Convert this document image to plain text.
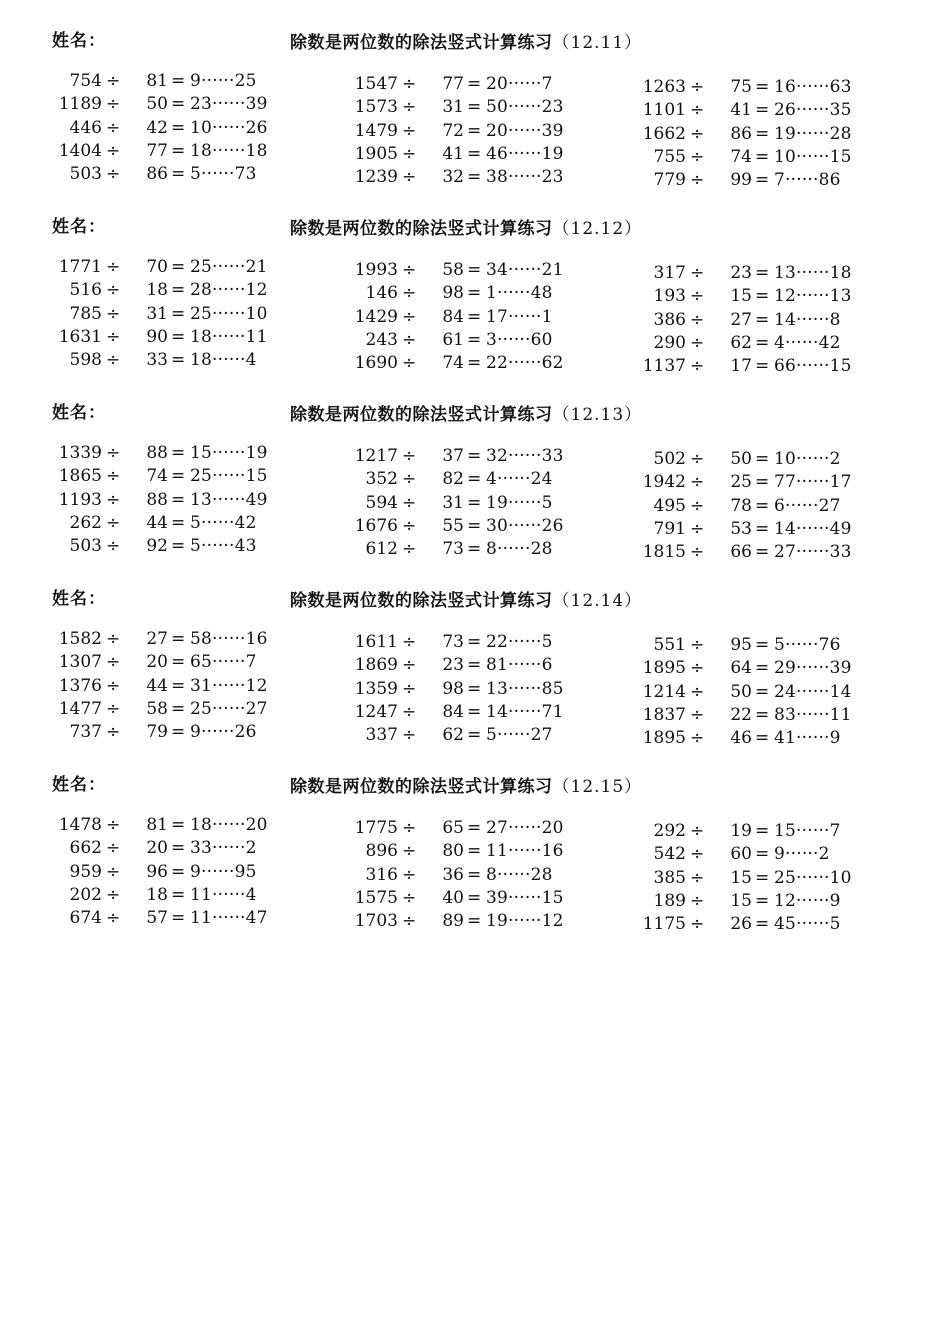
姓名：	除数是两位数的除法竖式计算练习（12.11）
754 ÷	81 = 9······25
1189 ÷	50 = 23······39
446 ÷	42 = 10······26
1404 ÷	77 = 18······18
503 ÷	86 = 5······73
1547 ÷	77 = 20······7
1573 ÷	31 = 50······23
1479 ÷	72 = 20······39
1905 ÷	41 = 46······19
1239 ÷	32 = 38······23
1263 ÷	75 = 16······63
1101 ÷	41 = 26······35
1662 ÷	86 = 19······28
755 ÷	74 = 10······15
779 ÷	99 = 7······86
姓名：	除数是两位数的除法竖式计算练习（12.12）
1771 ÷	70 = 25······21
516 ÷	18 = 28······12
785 ÷	31 = 25······10
1631 ÷	90 = 18······11
598 ÷	33 = 18······4
1993 ÷	58 = 34······21
146 ÷	98 = 1······48
1429 ÷	84 = 17······1
243 ÷	61 = 3······60
1690 ÷	74 = 22······62
317 ÷	23 = 13······18
193 ÷	15 = 12······13
386 ÷	27 = 14······8
290 ÷	62 = 4······42
1137 ÷	17 = 66······15
姓名：	除数是两位数的除法竖式计算练习（12.13）
1339 ÷	88 = 15······19
1865 ÷	74 = 25······15
1193 ÷	88 = 13······49
262 ÷	44 = 5······42
503 ÷	92 = 5······43
1217 ÷	37 = 32······33
352 ÷	82 = 4······24
594 ÷	31 = 19······5
1676 ÷	55 = 30······26
612 ÷	73 = 8······28
502 ÷	50 = 10······2
1942 ÷	25 = 77······17
495 ÷	78 = 6······27
791 ÷	53 = 14······49
1815 ÷	66 = 27······33
姓名：	除数是两位数的除法竖式计算练习（12.14）
1582 ÷	27 = 58······16
1307 ÷	20 = 65······7
1376 ÷	44 = 31······12
1477 ÷	58 = 25······27
737 ÷	79 = 9······26
1611 ÷	73 = 22······5
1869 ÷	23 = 81······6
1359 ÷	98 = 13······85
1247 ÷	84 = 14······71
337 ÷	62 = 5······27
551 ÷	95 = 5······76
1895 ÷	64 = 29······39
1214 ÷	50 = 24······14
1837 ÷	22 = 83······11
1895 ÷	46 = 41······9
姓名：	除数是两位数的除法竖式计算练习（12.15）
1478 ÷	81 = 18······20
662 ÷	20 = 33······2
959 ÷	96 = 9······95
202 ÷	18 = 11······4
674 ÷	57 = 11······47
1775 ÷	65 = 27······20
896 ÷	80 = 11······16
316 ÷	36 = 8······28
1575 ÷	40 = 39······15
1703 ÷	89 = 19······12
292 ÷	19 = 15······7
542 ÷	60 = 9······2
385 ÷	15 = 25······10
189 ÷	15 = 12······9
1175 ÷	26 = 45······5
